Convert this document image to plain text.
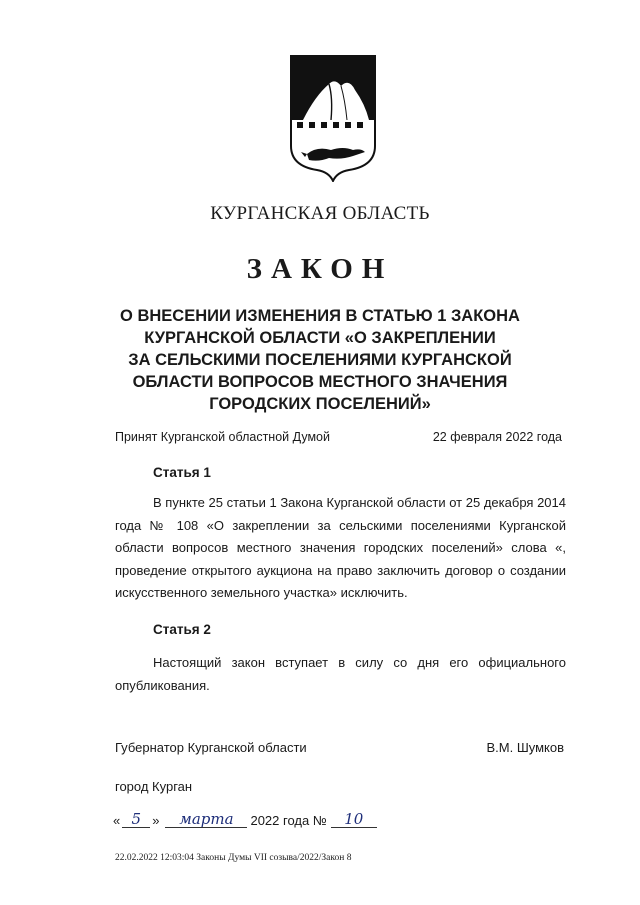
КУРГАНСКАЯ ОБЛАСТЬ
ЗАКОН
О ВНЕСЕНИИ ИЗМЕНЕНИЯ В СТАТЬЮ 1 ЗАКОНА
КУРГАНСКОЙ ОБЛАСТИ «О ЗАКРЕПЛЕНИИ
ЗА СЕЛЬСКИМИ ПОСЕЛЕНИЯМИ КУРГАНСКОЙ
ОБЛАСТИ ВОПРОСОВ МЕСТНОГО ЗНАЧЕНИЯ
ГОРОДСКИХ ПОСЕЛЕНИЙ»
Принят Курганской областной Думой	22 февраля 2022 года
Статья 1
В пункте 25 статьи 1 Закона Курганской области от 25 декабря 2014 года № 108 «О закреплении за сельскими поселениями Курганской области вопросов местного значения городских поселений» слова «, проведение открытого аукциона на право заключить договор о создании искусственного земельного участка» исключить.
Статья 2
Настоящий закон вступает в силу со дня его официального опубликования.
Губернатор Курганской области	В.М. Шумков
город Курган
« 5 »	марта	2022 года №	10
22.02.2022 12:03:04 Законы Думы VII созыва/2022/Закон 8
